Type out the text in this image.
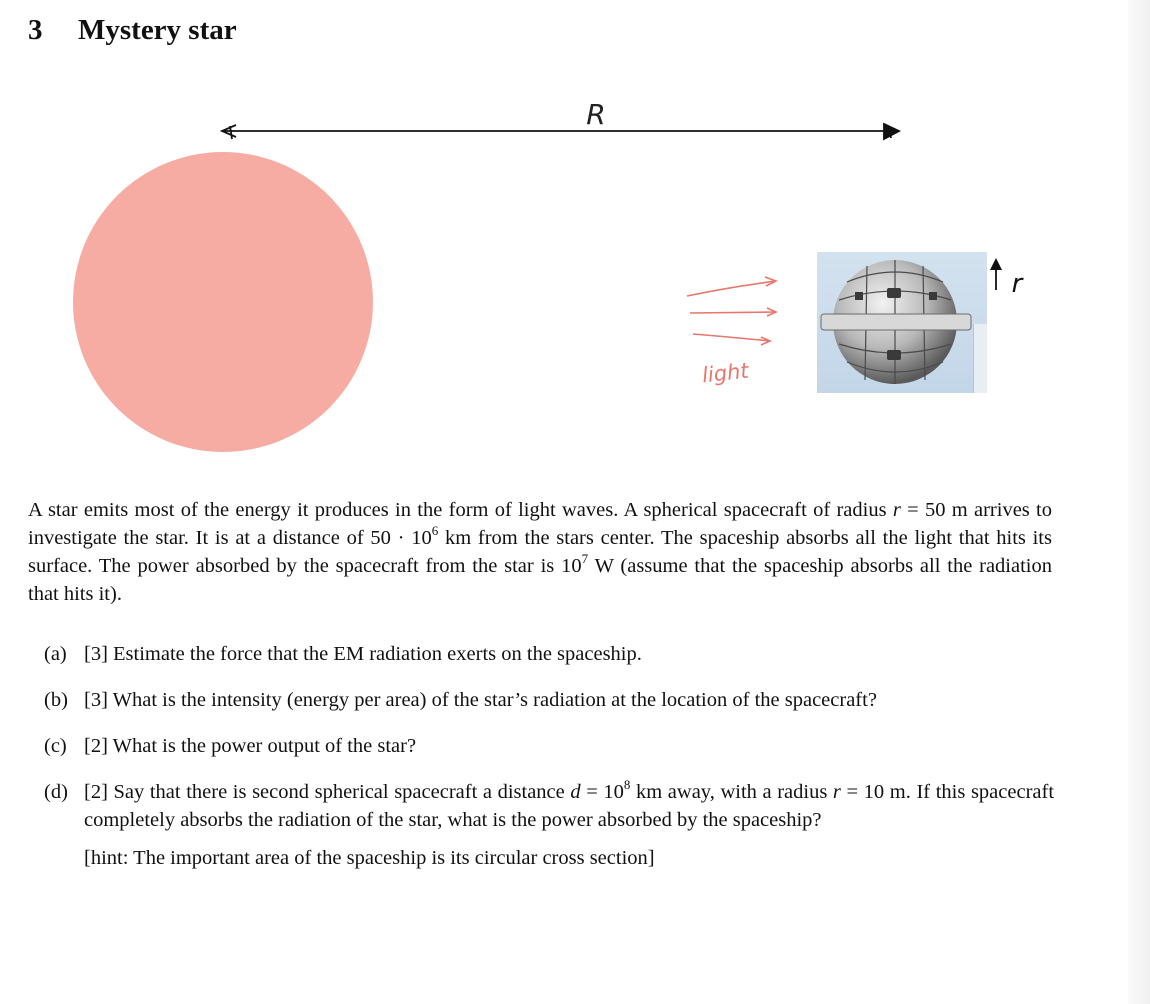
3 Mystery star
R
light
r

A star emits most of the energy it produces in the form of light waves. A spherical spacecraft of radius r = 50 m arrives to investigate the star. It is at a distance of $50 \cdot 10^6$ km from the stars center. The spaceship absorbs all the light that hits its surface. The power absorbed by the spacecraft from the star is $10^7$ W (assume that the spaceship absorbs all the radiation that hits it).

(a) [3] Estimate the force that the EM radiation exerts on the spaceship.
(b) [3] What is the intensity (energy per area) of the star’s radiation at the location of the spacecraft?
(c) [2] What is the power output of the star?
(d) [2] Say that there is second spherical spacecraft a distance $d = 10^8$ km away, with a radius r = 10 m. If this spacecraft completely absorbs the radiation of the star, what is the power absorbed by the spaceship?
[hint: The important area of the spaceship is its circular cross section]
